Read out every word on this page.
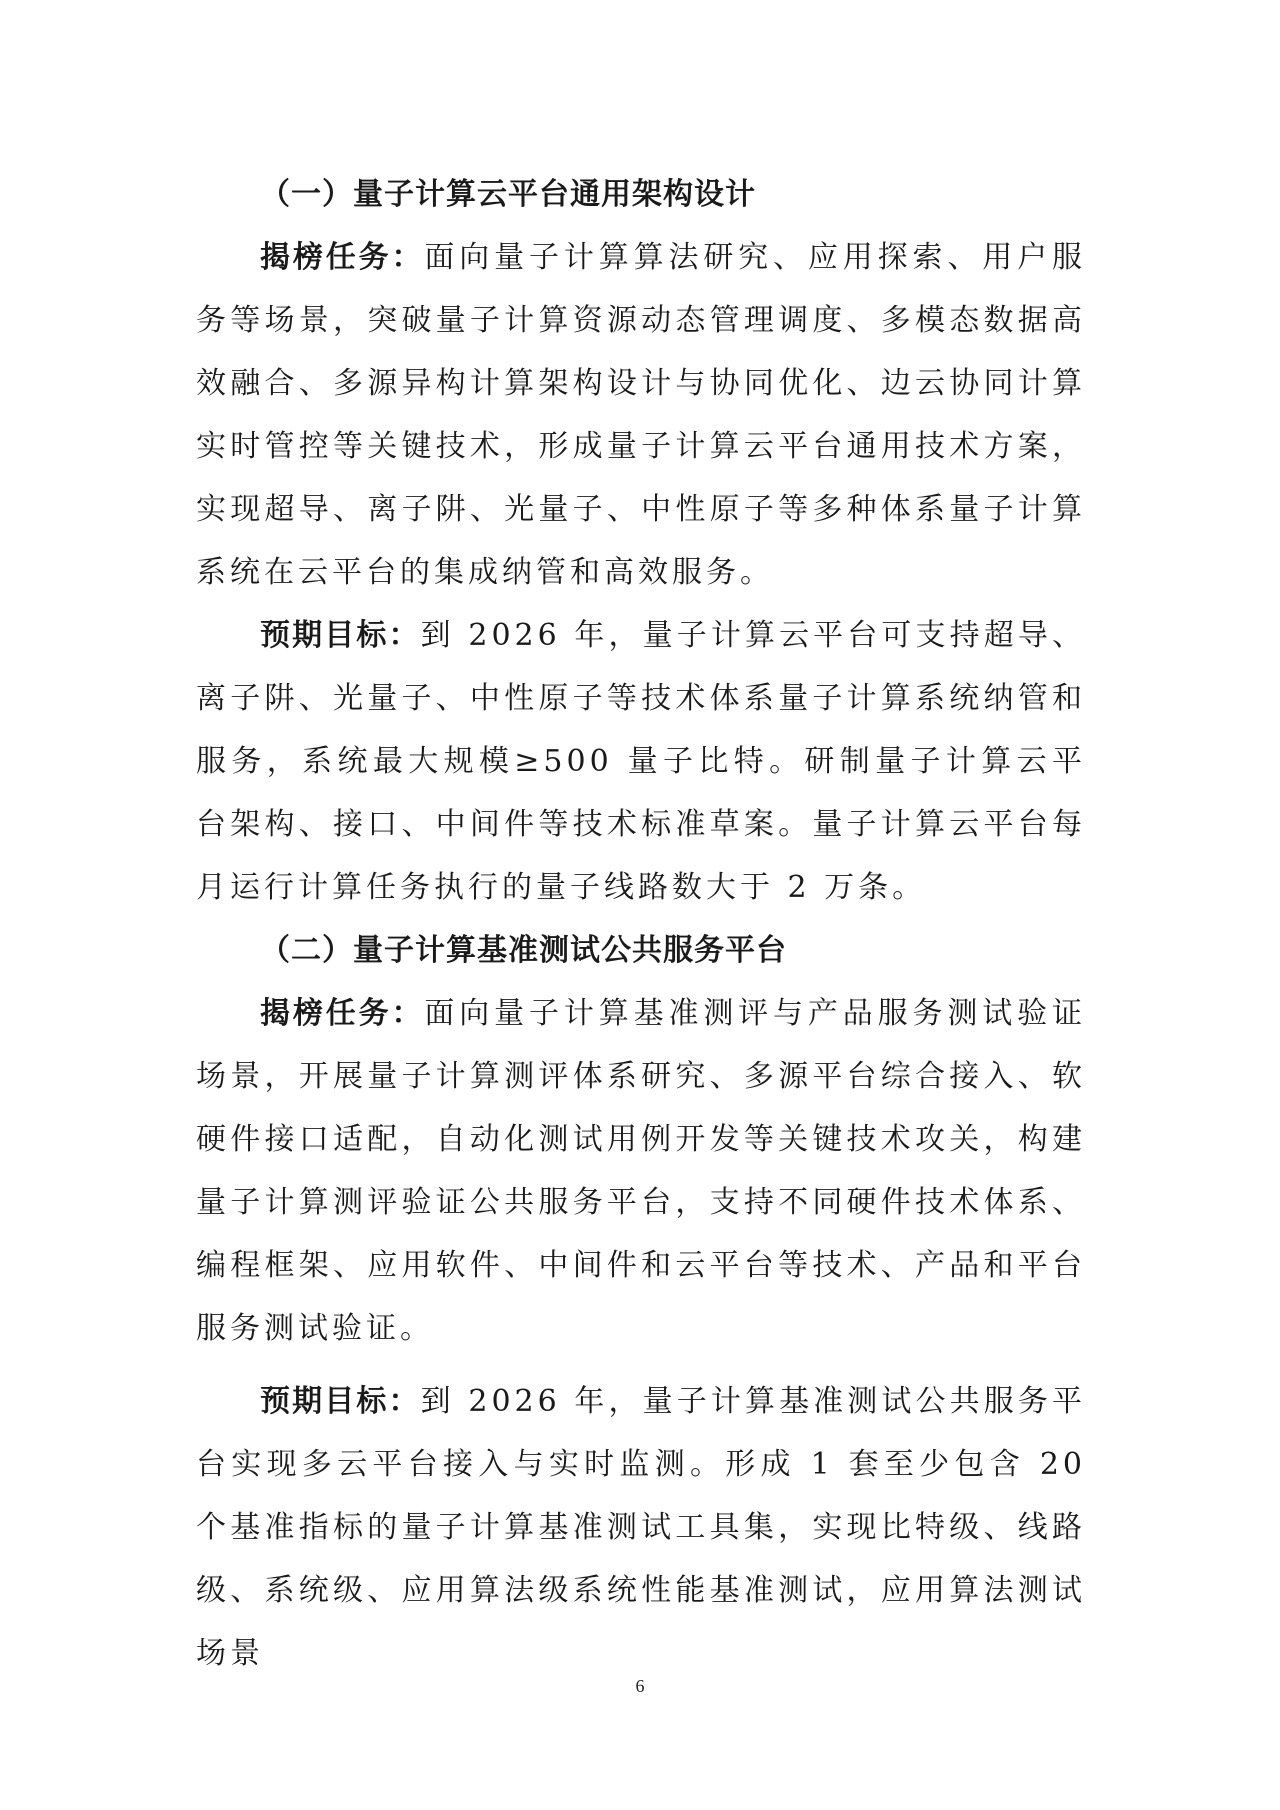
（一）量子计算云平台通用架构设计

揭榜任务：面向量子计算算法研究、应用探索、用户服务等场景，突破量子计算资源动态管理调度、多模态数据高效融合、多源异构计算架构设计与协同优化、边云协同计算实时管控等关键技术，形成量子计算云平台通用技术方案，实现超导、离子阱、光量子、中性原子等多种体系量子计算系统在云平台的集成纳管和高效服务。

预期目标：到 2026 年，量子计算云平台可支持超导、离子阱、光量子、中性原子等技术体系量子计算系统纳管和服务，系统最大规模≥500 量子比特。研制量子计算云平台架构、接口、中间件等技术标准草案。量子计算云平台每月运行计算任务执行的量子线路数大于 2 万条。

（二）量子计算基准测试公共服务平台

揭榜任务：面向量子计算基准测评与产品服务测试验证场景，开展量子计算测评体系研究、多源平台综合接入、软硬件接口适配，自动化测试用例开发等关键技术攻关，构建量子计算测评验证公共服务平台，支持不同硬件技术体系、编程框架、应用软件、中间件和云平台等技术、产品和平台服务测试验证。

预期目标：到 2026 年，量子计算基准测试公共服务平台实现多云平台接入与实时监测。形成 1 套至少包含 20 个基准指标的量子计算基准测试工具集，实现比特级、线路级、系统级、应用算法级系统性能基准测试，应用算法测试场景

6
